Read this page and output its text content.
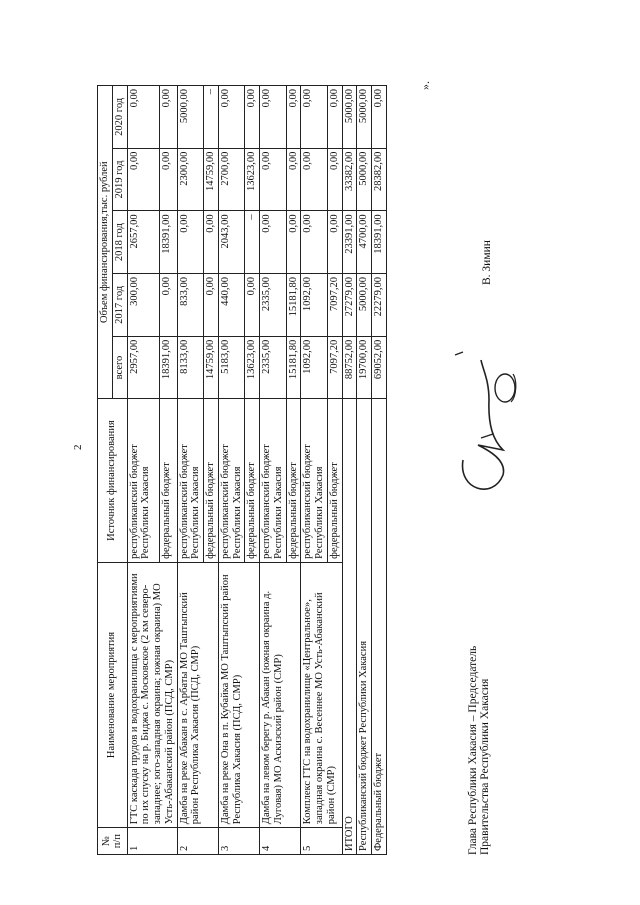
2
№
п/п	Наименование мероприятия	Источник финансирования	Объем финансирования,тыс. рублей				
			всего	2017 год	2018 год	2019 год	2020 год
1	ГТС каскада прудов и водохранилища с мероприятиями по их спуску на р. Биджа с. Московское (2 км северо-западнее; юго-западная окраина; южная окраина) МО Усть-Абаканский район (ПСД, СМР)	республиканский бюджет Республики Хакасия	2957,00	300,00	2657,00	0,00	0,00
		федеральный бюджет	18391,00	0,00	18391,00	0,00	0,00
2	Дамба на реке Абакан в с. Арбаты МО Таштыпский район Республика Хакасия (ПСД, СМР)	республиканский бюджет Республики Хакасия	8133,00	833,00	0,00	2300,00	5000,00
		федеральный бюджет	14759,00	0,00	0,00	14759,00	–
3	Дамба на реке Она в п. Кубайка МО Таштыпский район Республика Хакасия (ПСД, СМР)	республиканский бюджет Республики Хакасия	5183,00	440,00	2043,00	2700,00	0,00
		федеральный бюджет	13623,00	0,00	–	13623,00	0,00
4	Дамба на левом берегу р. Абакан (южная окраина д. Луговая) МО Аскизский район (СМР)	республиканский бюджет Республики Хакасия	2335,00	2335,00	0,00	0,00	0,00
		федеральный бюджет	15181,80	15181,80	0,00	0,00	0,00
5	Комплекс ГТС на водохранилище «Центральное», западная окраина с. Весеннее МО Усть-Абаканский район (СМР)	республиканский бюджет Республики Хакасия	1092,00	1092,00	0,00	0,00	0,00
		федеральный бюджет	7097,20	7097,20	0,00	0,00	0,00
ИТОГО			88752,00	27279,00	23391,00	33382,00	5000,00
Республиканский бюджет Республики Хакасия			19700,00	5000,00	4700,00	5000,00	5000,00
Федеральный бюджет			69052,00	22279,00	18391,00	28382,00	0,00
».
Глава Республики Хакасия – Председатель Правительства Республики Хакасия
В. Зимин
